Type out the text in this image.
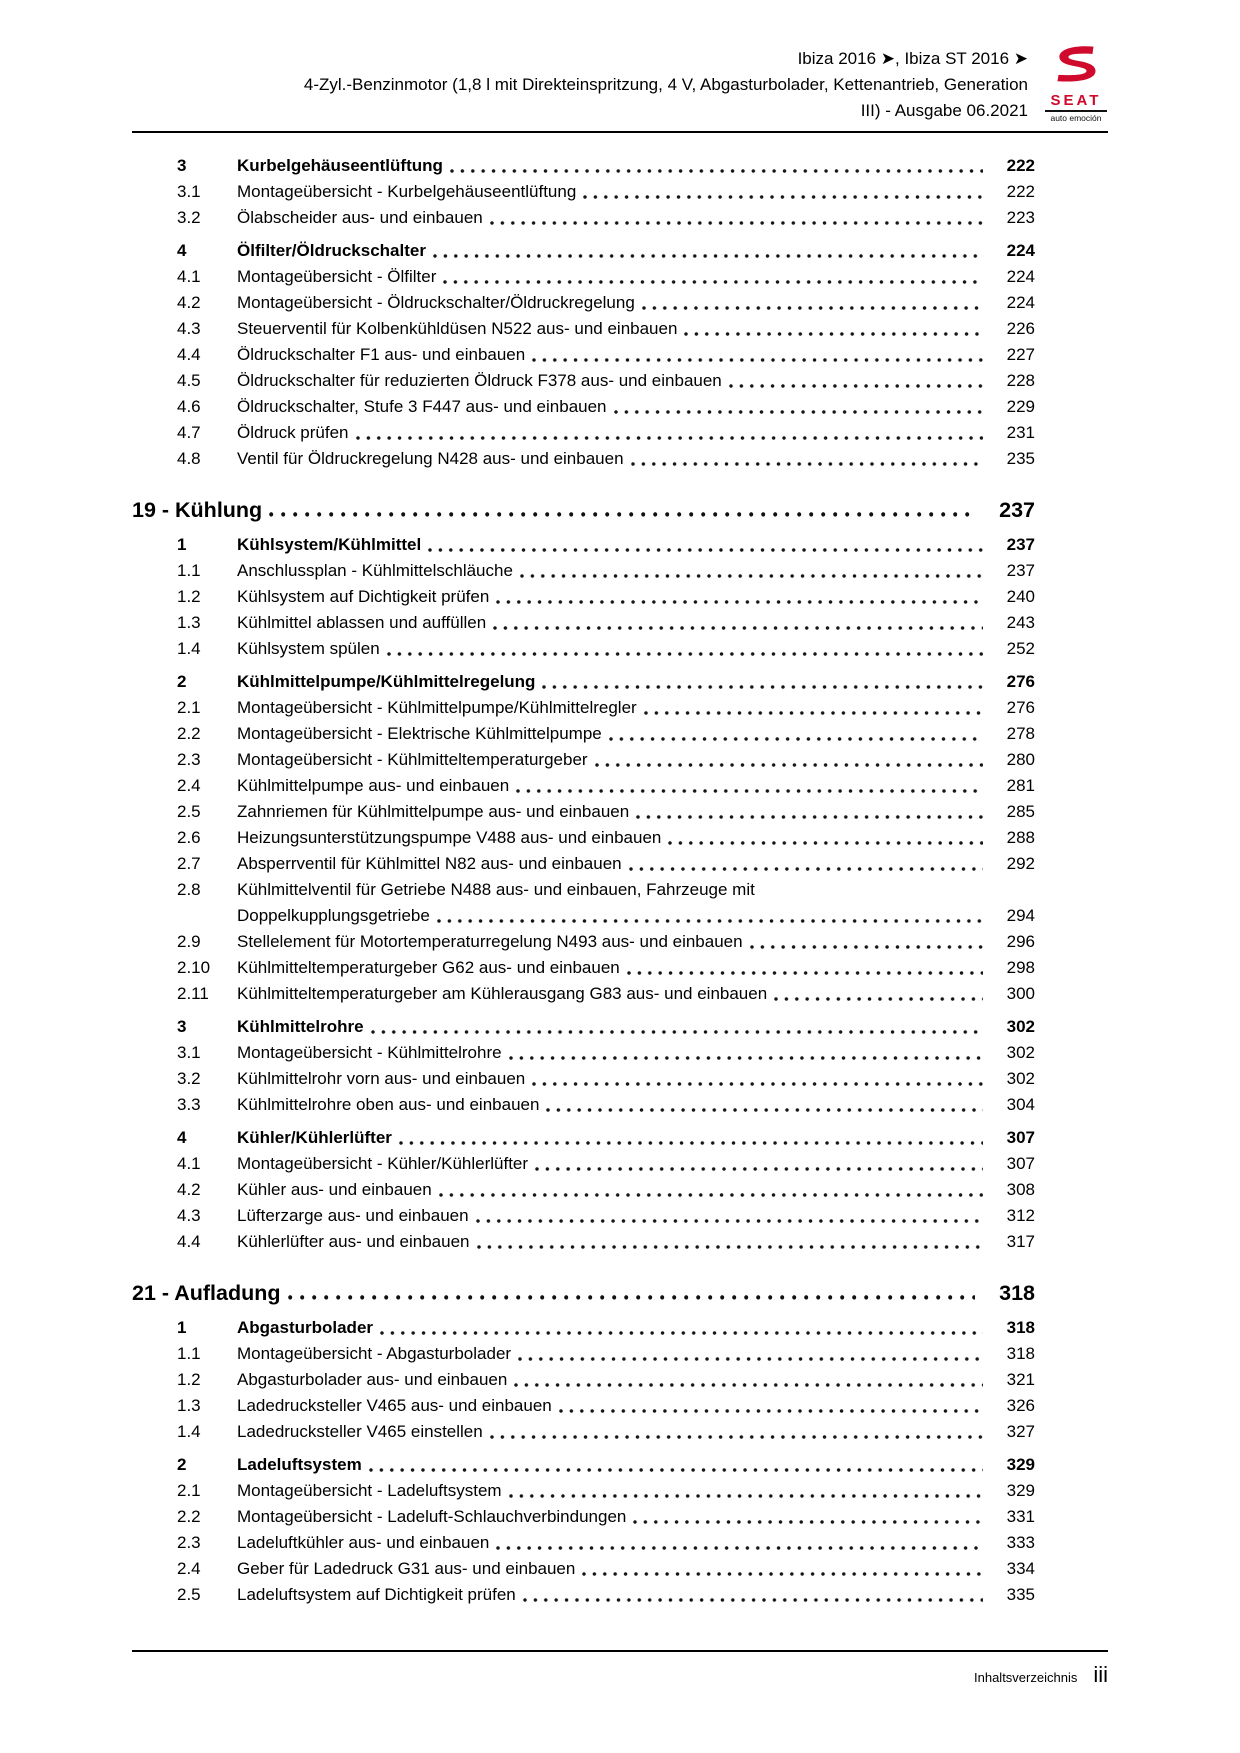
Ibiza 2016 ➤, Ibiza ST 2016 ➤
4-Zyl.-Benzinmotor (1,8 l mit Direkteinspritzung, 4 V, Abgasturbolader, Kettenantrieb, Generation
III) - Ausgabe 06.2021
SEAT
auto emoción
3	Kurbelgehäuseentlüftung	222
3.1	Montageübersicht - Kurbelgehäuseentlüftung	222
3.2	Ölabscheider aus- und einbauen	223
4	Ölfilter/Öldruckschalter	224
4.1	Montageübersicht - Ölfilter	224
4.2	Montageübersicht - Öldruckschalter/Öldruckregelung	224
4.3	Steuerventil für Kolbenkühldüsen N522 aus- und einbauen	226
4.4	Öldruckschalter F1 aus- und einbauen	227
4.5	Öldruckschalter für reduzierten Öldruck F378 aus- und einbauen	228
4.6	Öldruckschalter, Stufe 3 F447 aus- und einbauen	229
4.7	Öldruck prüfen	231
4.8	Ventil für Öldruckregelung N428 aus- und einbauen	235
19 - Kühlung	237
1	Kühlsystem/Kühlmittel	237
1.1	Anschlussplan - Kühlmittelschläuche	237
1.2	Kühlsystem auf Dichtigkeit prüfen	240
1.3	Kühlmittel ablassen und auffüllen	243
1.4	Kühlsystem spülen	252
2	Kühlmittelpumpe/Kühlmittelregelung	276
2.1	Montageübersicht - Kühlmittelpumpe/Kühlmittelregler	276
2.2	Montageübersicht - Elektrische Kühlmittelpumpe	278
2.3	Montageübersicht - Kühlmitteltemperaturgeber	280
2.4	Kühlmittelpumpe aus- und einbauen	281
2.5	Zahnriemen für Kühlmittelpumpe aus- und einbauen	285
2.6	Heizungsunterstützungspumpe V488 aus- und einbauen	288
2.7	Absperrventil für Kühlmittel N82 aus- und einbauen	292
2.8	Kühlmittelventil für Getriebe N488 aus- und einbauen, Fahrzeuge mit
Doppelkupplungsgetriebe	294
2.9	Stellelement für Motortemperaturregelung N493 aus- und einbauen	296
2.10	Kühlmitteltemperaturgeber G62 aus- und einbauen	298
2.11	Kühlmitteltemperaturgeber am Kühlerausgang G83 aus- und einbauen	300
3	Kühlmittelrohre	302
3.1	Montageübersicht - Kühlmittelrohre	302
3.2	Kühlmittelrohr vorn aus- und einbauen	302
3.3	Kühlmittelrohre oben aus- und einbauen	304
4	Kühler/Kühlerlüfter	307
4.1	Montageübersicht - Kühler/Kühlerlüfter	307
4.2	Kühler aus- und einbauen	308
4.3	Lüfterzarge aus- und einbauen	312
4.4	Kühlerlüfter aus- und einbauen	317
21 - Aufladung	318
1	Abgasturbolader	318
1.1	Montageübersicht - Abgasturbolader	318
1.2	Abgasturbolader aus- und einbauen	321
1.3	Ladedrucksteller V465 aus- und einbauen	326
1.4	Ladedrucksteller V465 einstellen	327
2	Ladeluftsystem	329
2.1	Montageübersicht - Ladeluftsystem	329
2.2	Montageübersicht - Ladeluft-Schlauchverbindungen	331
2.3	Ladeluftkühler aus- und einbauen	333
2.4	Geber für Ladedruck G31 aus- und einbauen	334
2.5	Ladeluftsystem auf Dichtigkeit prüfen	335
Inhaltsverzeichnis iii
